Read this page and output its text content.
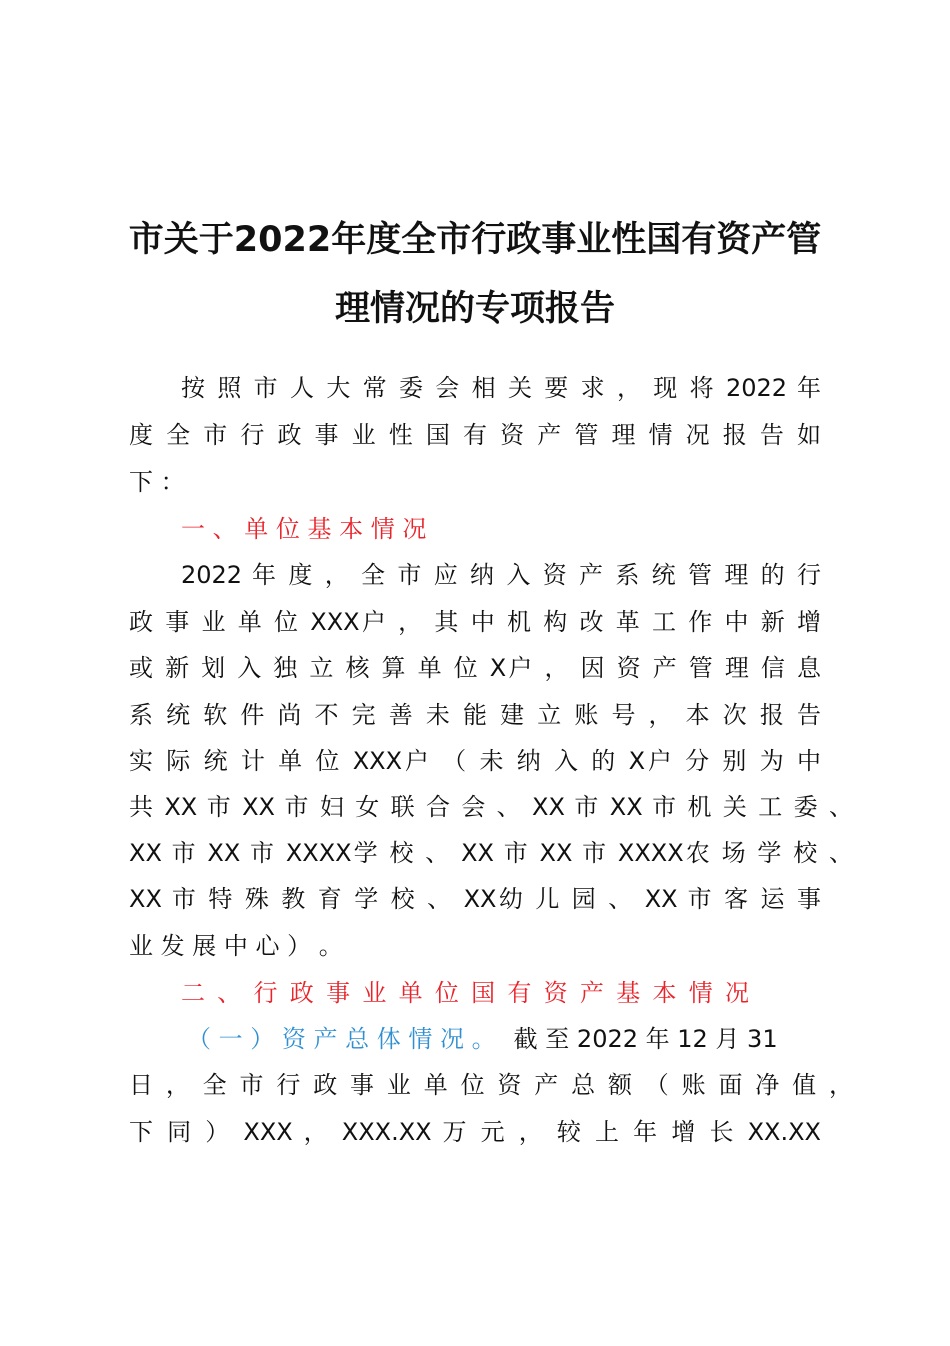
市关于2022年度全市行政事业性国有资产管
理情况的专项报告
按 照 市 人 大 常 委 会 相 关 要 求 ， 现 将 2022 年
度 全 市 行 政 事 业 性 国 有 资 产 管 理 情 况 报 告 如
下 ：
一 、 单 位 基 本 情 况
2022 年 度 ， 全 市 应 纳 入 资 产 系 统 管 理 的 行
政 事 业 单 位 XXX户 ， 其 中 机 构 改 革 工 作 中 新 增
或 新 划 入 独 立 核 算 单 位 X户 ， 因 资 产 管 理 信 息
系 统 软 件 尚 不 完 善 未 能 建 立 账 号 ， 本 次 报 告
实 际 统 计 单 位 XXX户 （ 未 纳 入 的 X户 分 别 为 中
共 XX 市 XX 市 妇 女 联 合 会 、 XX 市 XX 市 机 关 工 委 、
XX 市 XX 市 XXXX学 校 、 XX 市 XX 市 XXXX农 场 学 校 、
XX 市 特 殊 教 育 学 校 、 XX幼 儿 园 、 XX 市 客 运 事
业 发 展 中 心 ） 。
二 、 行 政 事 业 单 位 国 有 资 产 基 本 情 况
（ 一 ） 资 产 总 体 情 况 。 截 至 2022 年 12 月 31
日 ， 全 市 行 政 事 业 单 位 资 产 总 额 （ 账 面 净 值 ，
下 同 ） XXX ， XXX.XX 万 元 ， 较 上 年 增 长 XX.XX
